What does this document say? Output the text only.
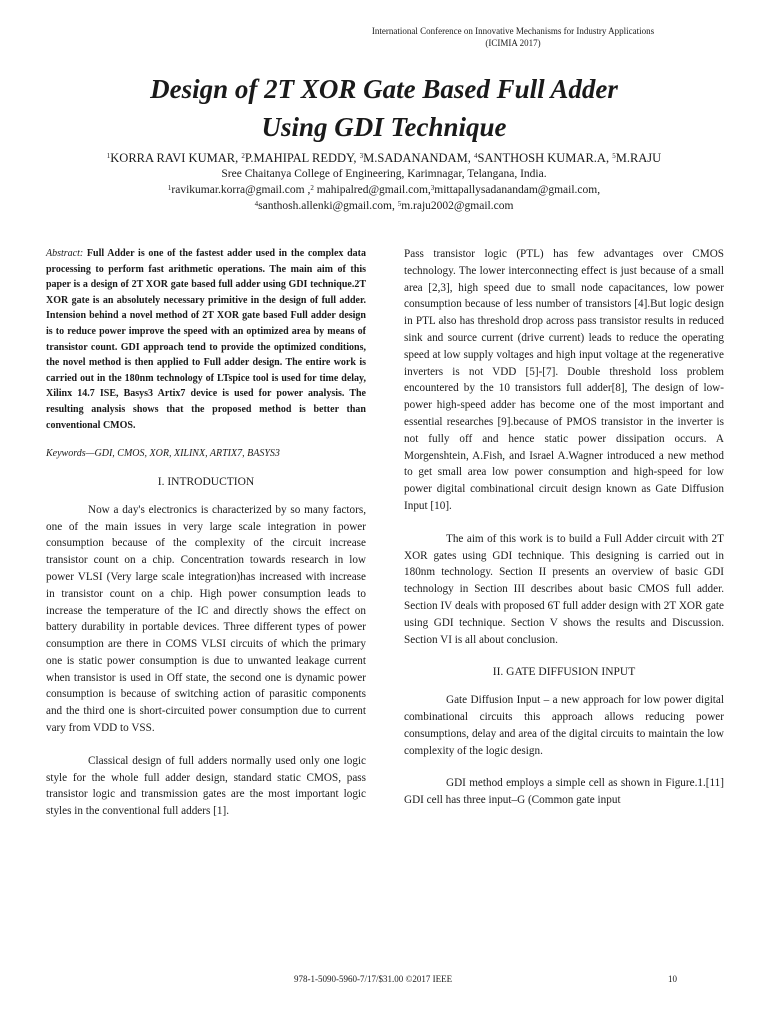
International Conference on Innovative Mechanisms for Industry Applications
(ICIMIA 2017)
Design of 2T XOR Gate Based Full Adder
Using GDI Technique
$^1$KORRA RAVI KUMAR, $^2$P.MAHIPAL REDDY, $^3$M.SADANANDAM, $^4$SANTHOSH KUMAR.A, $^5$M.RAJU
Sree Chaitanya College of Engineering, Karimnagar, Telangana, India.
$^1$ravikumar.korra@gmail.com ,$^2$ mahipalred@gmail.com,$^3$mittapallysadanandam@gmail.com,
$^4$santhosh.allenki@gmail.com, $^5$m.raju2002@gmail.com

Abstract: Full Adder is one of the fastest adder used in the complex data processing to perform fast arithmetic operations. The main aim of this paper is a design of 2T XOR gate based full adder using GDI technique.2T XOR gate is an absolutely necessary primitive in the design of full adder. Intension behind a novel method of 2T XOR gate based Full adder design is to reduce power improve the speed with an optimized area by means of transistor count. GDI approach tend to provide the optimized conditions, the novel method is then applied to Full adder design. The entire work is carried out in the 180nm technology of LTspice tool is used for time delay, Xilinx 14.7 ISE, Basys3 Artix7 device is used for power analysis. The resulting analysis shows that the proposed method is better than conventional CMOS.

Keywords—GDI, CMOS, XOR, XILINX, ARTIX7, BASYS3

I. INTRODUCTION

Now a day's electronics is characterized by so many factors, one of the main issues in very large scale integration in power consumption because of the complexity of the circuit increase transistor count on a chip. Concentration towards research in low power VLSI (Very large scale integration)has increased with increase in transistor count on a chip. High power consumption leads to increase the temperature of the IC and directly shows the effect on battery durability in portable devices. Three different types of power consumption are there in COMS VLSI circuits of which the primary one is static power consumption is due to unwanted leakage current when transistor is used in Off state, the second one is dynamic power consumption is because of switching action of parasitic components and the third one is short-circuited power consumption due to current vary from VDD to VSS.

Classical design of full adders normally used only one logic style for the whole full adder design, standard static CMOS, pass transistor logic and transmission gates are the most important logic styles in the conventional full adders [1].

Pass transistor logic (PTL) has few advantages over CMOS technology. The lower interconnecting effect is just because of a small area [2,3], high speed due to small node capacitances, low power consumption because of less number of transistors [4].But logic design in PTL also has threshold drop across pass transistor results in reduced sink and source current (drive current) leads to reduce the operating speed at low supply voltages and high input voltage at the regenerative inverters is not VDD [5]-[7]. Double threshold loss problem encountered by the 10 transistors full adder[8], The design of low-power high-speed adder has become one of the most important and essential researches [9].because of PMOS transistor in the inverter is not fully off and hence static power dissipation occurs. A Morgenshtein, A.Fish, and Israel A.Wagner introduced a new method to get small area low power consumption and high-speed for low power digital combinational circuit design known as Gate Diffusion Input [10].

The aim of this work is to build a Full Adder circuit with 2T XOR gates using GDI technique. This designing is carried out in 180nm technology. Section II presents an overview of basic GDI technology in Section III describes about basic CMOS full adder. Section IV deals with proposed 6T full adder design with 2T XOR gate using GDI technique. Section V shows the results and Discussion. Section VI is all about conclusion.

II. GATE DIFFUSION INPUT

Gate Diffusion Input – a new approach for low power digital combinational circuits this approach allows reducing power consumptions, delay and area of the digital circuits to maintain the low complexity of the logic design.

GDI method employs a simple cell as shown in Figure.1.[11] GDI cell has three input–G (Common gate input

978-1-5090-5960-7/17/$31.00 ©2017 IEEE	10
